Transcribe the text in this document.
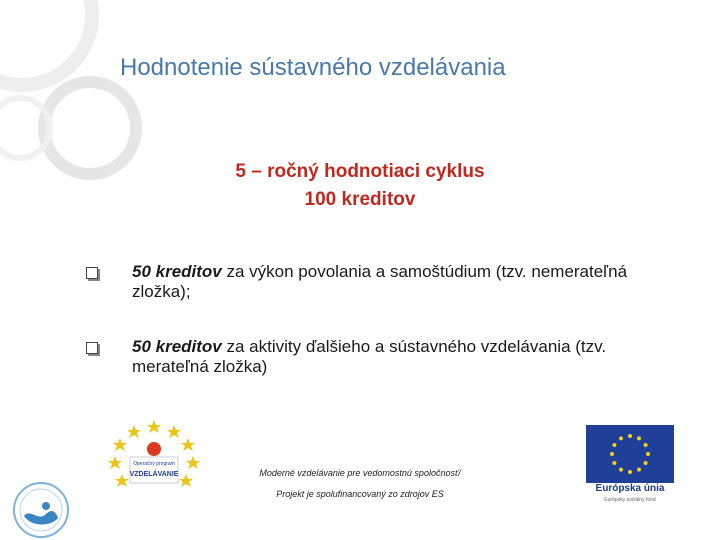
Hodnotenie sústavného vzdelávania
5 – ročný hodnotiaci cyklus
100 kreditov
50 kreditov za výkon povolania a samoštúdium (tzv. nemerateľná zložka);
50 kreditov za aktivity ďalšieho a sústavného vzdelávania (tzv. merateľná zložka)
Operačný program
VZDELÁVANIE	Moderné vzdelávanie pre vedomostnú spoločnosť/
Projekt je spolufinancovaný zo zdrojov ES	Európska únia
Európsky sociálny fond
